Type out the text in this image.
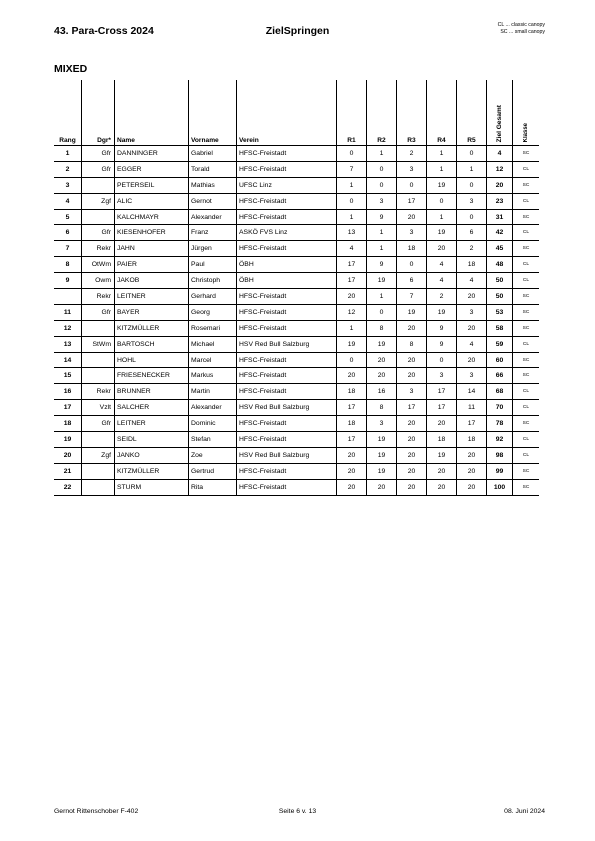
43. Para-Cross 2024	ZielSpringen	CL ... classic canopy
SC ... small canopy
MIXED
Rang	Dgr*	Name	Vorname	Verein	R1	R2	R3	R4	R5	Ziel Gesamt	Klasse
1	Gfr	DANNINGER	Gabriel	HFSC-Freistadt	0	1	2	1	0	4	SC
2	Gfr	EGGER	Torald	HFSC-Freistadt	7	0	3	1	1	12	CL
3		PETERSEIL	Mathias	UFSC Linz	1	0	0	19	0	20	SC
4	Zgf	ALIC	Gernot	HFSC-Freistadt	0	3	17	0	3	23	CL
5		KALCHMAYR	Alexander	HFSC-Freistadt	1	9	20	1	0	31	SC
6	Gfr	KIESENHOFER	Franz	ASKÖ FVS Linz	13	1	3	19	6	42	CL
7	Rekr	JAHN	Jürgen	HFSC-Freistadt	4	1	18	20	2	45	SC
8	OtWm	PAIER	Paul	ÖBH	17	9	0	4	18	48	CL
9	Owm	JAKOB	Christoph	ÖBH	17	19	6	4	4	50	CL
	Rekr	LEITNER	Gerhard	HFSC-Freistadt	20	1	7	2	20	50	SC
11	Gfr	BAYER	Georg	HFSC-Freistadt	12	0	19	19	3	53	SC
12		KITZMÜLLER	Rosemari	HFSC-Freistadt	1	8	20	9	20	58	SC
13	StWm	BARTOSCH	Michael	HSV Red Bull Salzburg	19	19	8	9	4	59	CL
14		HOHL	Marcel	HFSC-Freistadt	0	20	20	0	20	60	SC
15		FRIESENECKER	Markus	HFSC-Freistadt	20	20	20	3	3	66	SC
16	Rekr	BRUNNER	Martin	HFSC-Freistadt	18	16	3	17	14	68	CL
17	Vzlt	SALCHER	Alexander	HSV Red Bull Salzburg	17	8	17	17	11	70	CL
18	Gfr	LEITNER	Dominic	HFSC-Freistadt	18	3	20	20	17	78	SC
19		SEIDL	Stefan	HFSC-Freistadt	17	19	20	18	18	92	CL
20	Zgf	JANKO	Zoe	HSV Red Bull Salzburg	20	19	20	19	20	98	CL
21		KITZMÜLLER	Gertrud	HFSC-Freistadt	20	19	20	20	20	99	SC
22		STURM	Rita	HFSC-Freistadt	20	20	20	20	20	100	SC
Gernot Rittenschober F-402	Seite 6 v. 13	08. Juni 2024
